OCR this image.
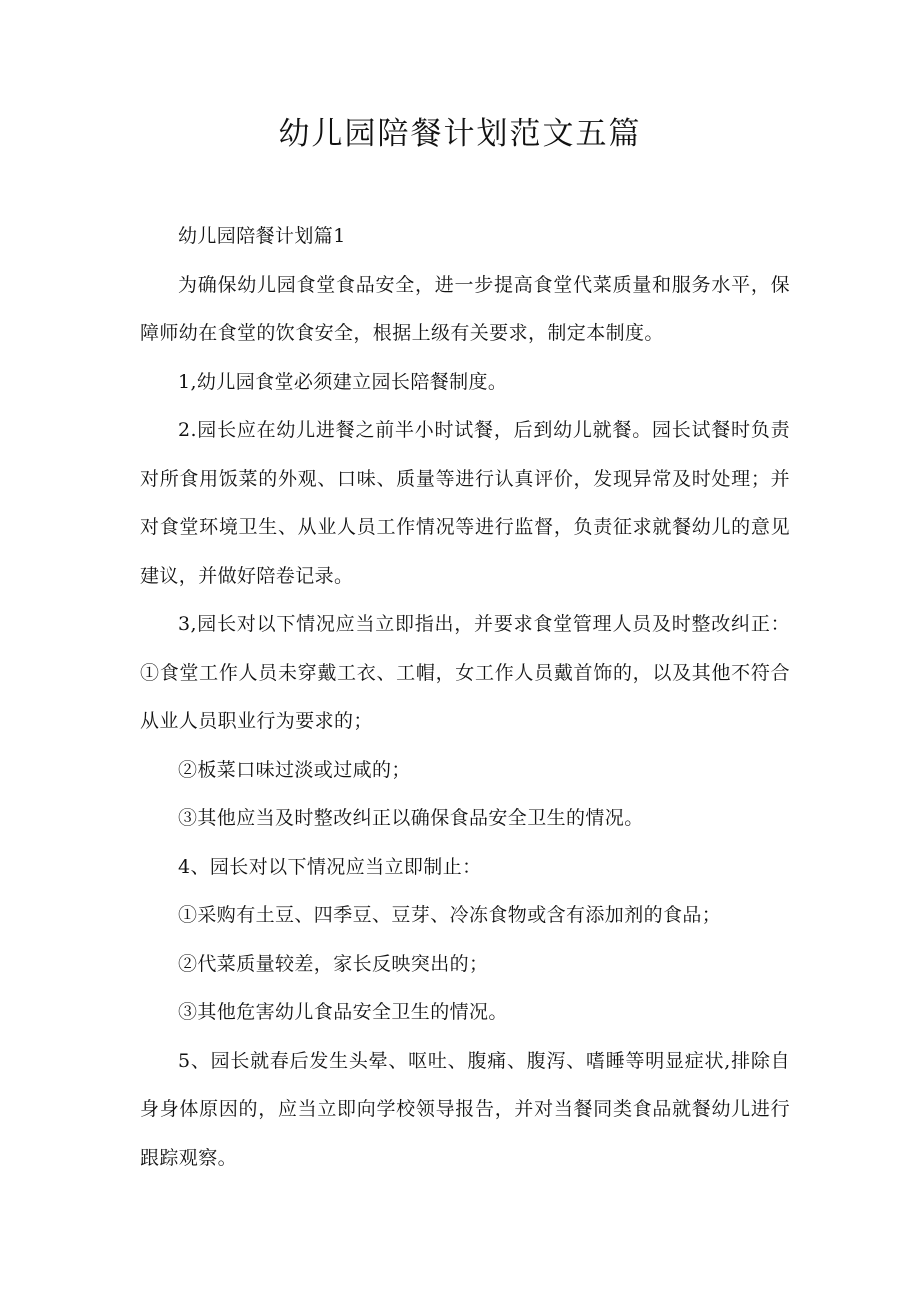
幼儿园陪餐计划范文五篇

幼儿园陪餐计划篇1

为确保幼儿园食堂食品安全，进一步提高食堂代菜质量和服务水平，保障师幼在食堂的饮食安全，根据上级有关要求，制定本制度。

1,幼儿园食堂必须建立园长陪餐制度。

2.园长应在幼儿进餐之前半小时试餐，后到幼儿就餐。园长试餐时负责对所食用饭菜的外观、口味、质量等进行认真评价，发现异常及时处理；并对食堂环境卫生、从业人员工作情况等进行监督，负责征求就餐幼儿的意见建议，并做好陪卷记录。

3,园长对以下情况应当立即指出，并要求食堂管理人员及时整改纠正：①食堂工作人员未穿戴工衣、工帽，女工作人员戴首饰的，以及其他不符合从业人员职业行为要求的；

②板菜口味过淡或过咸的；

③其他应当及时整改纠正以确保食品安全卫生的情况。

4、园长对以下情况应当立即制止：

①采购有土豆、四季豆、豆芽、冷冻食物或含有添加剂的食品；

②代菜质量较差，家长反映突出的；

③其他危害幼儿食品安全卫生的情况。

5、园长就春后发生头晕、呕吐、腹痛、腹泻、嗜睡等明显症状,排除自身身体原因的，应当立即向学校领导报告，并对当餐同类食品就餐幼儿进行跟踪观察。
